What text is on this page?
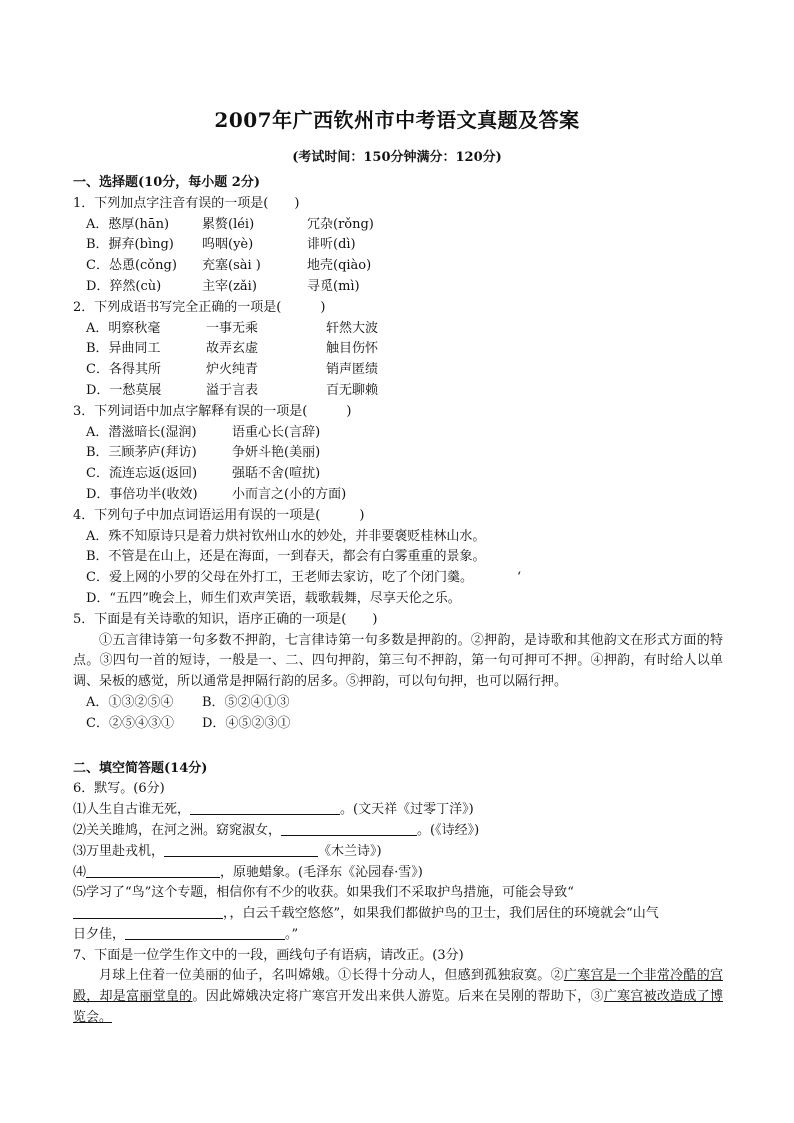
2007年广西钦州市中考语文真题及答案
(考试时间：150分钟满分：120分)
一、选择题(10分，每小题 2分)
1．下列加点字注音有误的一项是(　　)
A．憨厚(hān)	累赘(léi)	冗杂(rǒng)
B．摒弃(bìng) 呜咽(yè)	诽听(dì)
C．怂恿(cǒng) 充塞(sài )	地壳(qiào)
D．猝然(cù)	主宰(zǎi)	寻觅(mì)
2．下列成语书写完全正确的一项是(　　　)
A．明察秋毫	一事无乘	轩然大波
B．异曲同工	故弄玄虚	触目伤怀
C．各得其所	炉火纯青	销声匿绩
D．一愁莫展	溢于言表	百无聊赖
3．下列词语中加点字解释有误的一项是(　　　)
A．潜滋暗长(湿润)	语重心长(言辞)
B．三顾茅庐(拜访)	争妍斗艳(美丽)
C．流连忘返(返回)	强聒不舍(喧扰)
D．事倍功半(收效)	小而言之(小的方面)
4．下列句子中加点词语运用有误的一项是(　　　)
A．殊不知原诗只是着力烘衬钦州山水的妙处，并非要褒贬桂林山水。
B．不管是在山上，还是在海面，一到春天，都会有白雾重重的景象。
C．爱上网的小罗的父母在外打工，王老师去家访，吃了个闭门羹。	‘
D．“五四”晚会上，师生们欢声笑语，载歌载舞，尽享天伦之乐。
5．下面是有关诗歌的知识，语序正确的一项是(　　)
①五言律诗第一句多数不押韵，七言律诗第一句多数是押韵的。②押韵，是诗歌和其他韵文在形式方面的特点。③四句一首的短诗，一般是一、二、四句押韵，第三句不押韵，第一句可押可不押。④押韵，有时给人以单调、呆板的感觉，所以通常是押隔行韵的居多。⑤押韵，可以句句押，也可以隔行押。
A．①③②⑤④ B．⑤②④①③
C．②⑤④③① D．④⑤②③①
二、填空简答题(14分)
6．默写。(6分)
⑴人生自古谁无死，	。(文天祥《过零丁洋》)
⑵关关雎鸠，在河之洲。窈窕淑女，	。(《诗经》)
⑶万里赴戎机，	《木兰诗》)
⑷	，原驰蜡象。(毛泽东《沁园春·雪》)
⑸学习了“鸟”这个专题，相信你有不少的收获。如果我们不采取护鸟措施，可能会导致“
，，白云千载空悠悠”，如果我们都做护鸟的卫士，我们居住的环境就会“山气
日夕佳，	。”
7、下面是一位学生作文中的一段，画线句子有语病，请改正。(3分)
月球上住着一位美丽的仙子，名叫嫦娥。①长得十分动人，但感到孤独寂寞。②广寒宫是一个非常冷酷的宫殿，却是富丽堂皇的。因此嫦娥决定将广寒宫开发出来供人游览。后来在吴刚的帮助下，③广寒宫被改造成了博览会。
